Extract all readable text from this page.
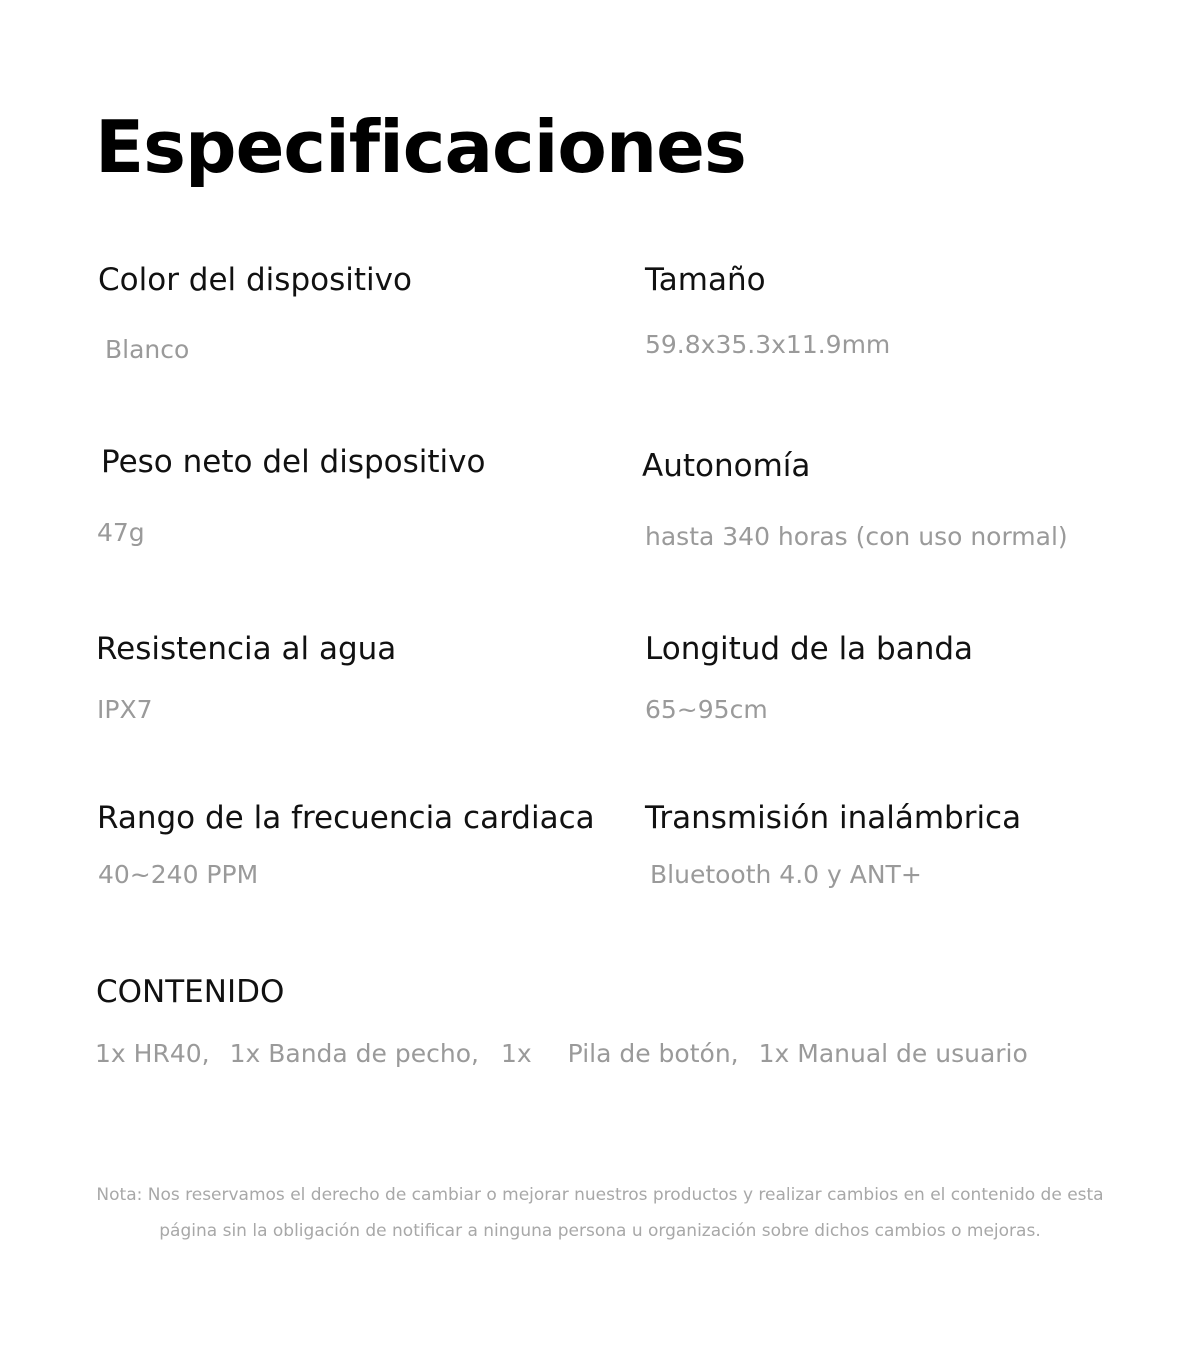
Especificaciones
Color del dispositivo
Blanco
Tamaño
59.8x35.3x11.9mm
Peso neto del dispositivo
47g
Autonomía
hasta 340 horas (con uso normal)
Resistencia al agua
IPX7
Longitud de la banda
65~95cm
Rango de la frecuencia cardiaca
40~240 PPM
Transmisión inalámbrica
Bluetooth 4.0 y ANT+
CONTENIDO
1x HR40, 1x Banda de pecho, 1x Pila de botón, 1x Manual de usuario
Nota: Nos reservamos el derecho de cambiar o mejorar nuestros productos y realizar cambios en el contenido de esta
página sin la obligación de notificar a ninguna persona u organización sobre dichos cambios o mejoras.
